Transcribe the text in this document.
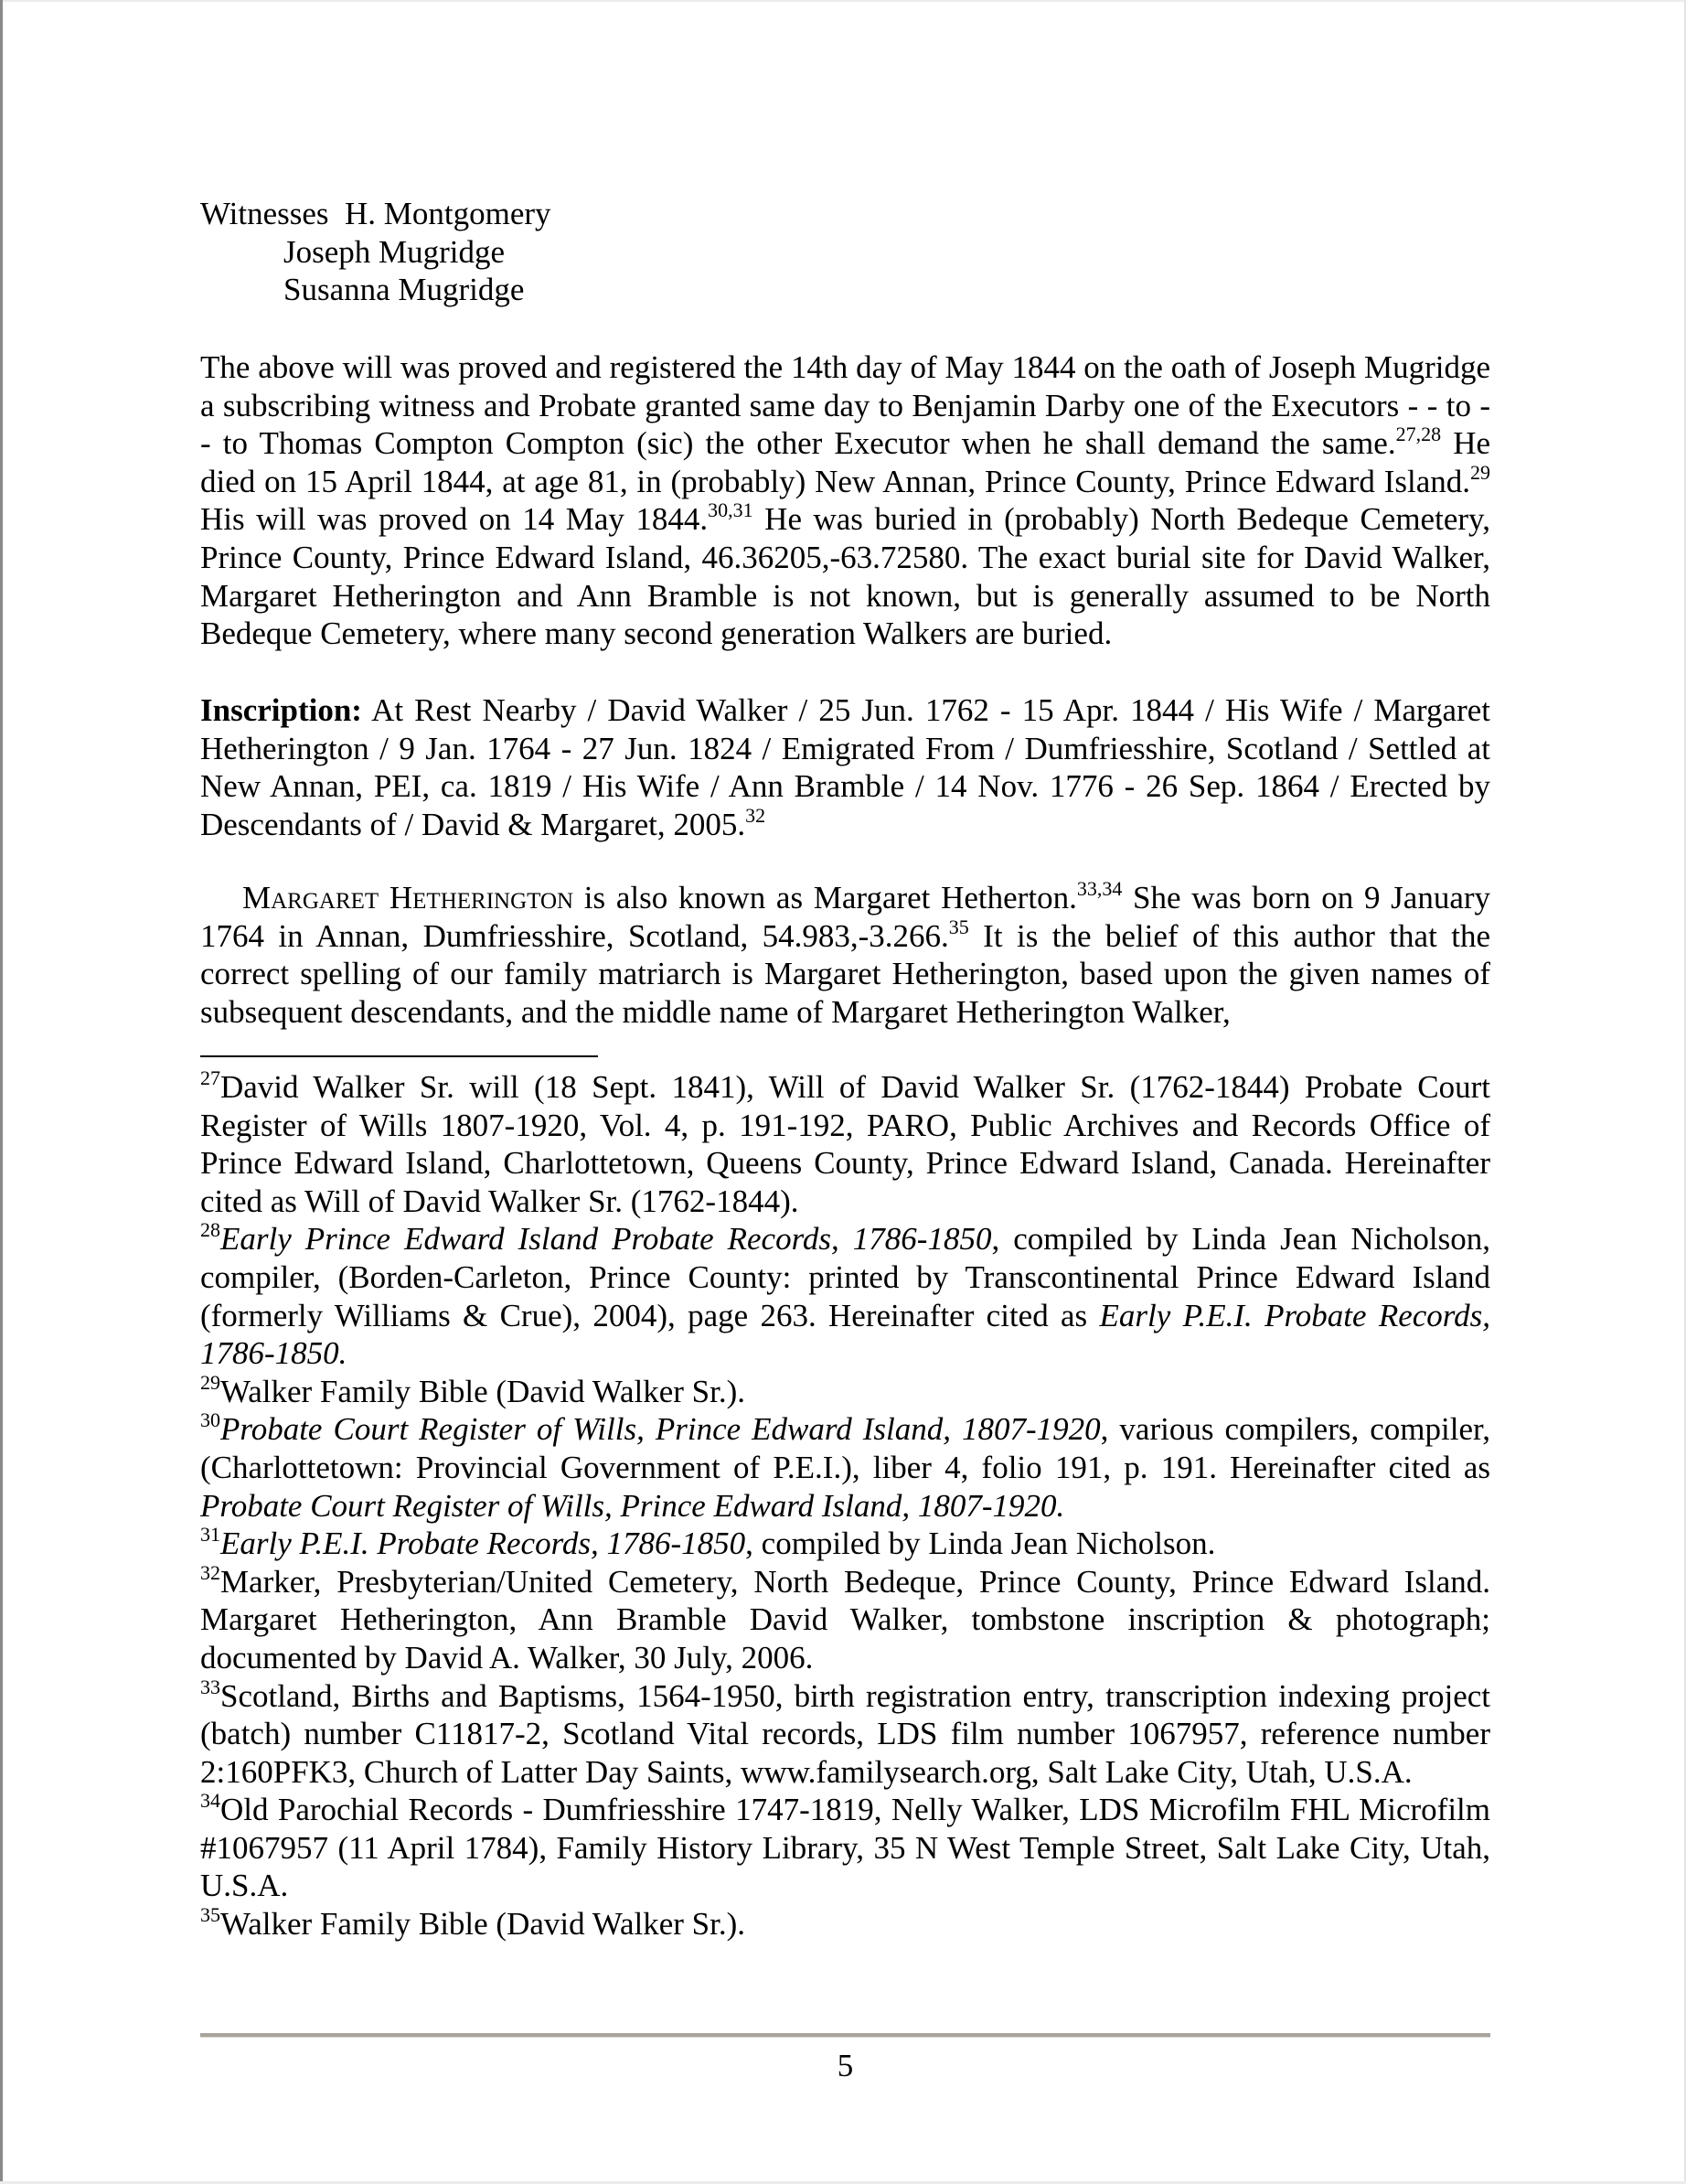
Witnesses  H. Montgomery
Joseph Mugridge
Susanna Mugridge

The above will was proved and registered the 14th day of May 1844 on the oath of Joseph Mugridge a subscribing witness and Probate granted same day to Benjamin Darby one of the Executors - - to - - to Thomas Compton Compton (sic) the other Executor when he shall demand the same.$^{27,28}$ He died on 15 April 1844, at age 81, in (probably) New Annan, Prince County, Prince Edward Island.$^{29}$ His will was proved on 14 May 1844.$^{30,31}$ He was buried in (probably) North Bedeque Cemetery, Prince County, Prince Edward Island, 46.36205,-63.72580. The exact burial site for David Walker, Margaret Hetherington and Ann Bramble is not known, but is generally assumed to be North Bedeque Cemetery, where many second generation Walkers are buried.

Inscription: At Rest Nearby / David Walker / 25 Jun. 1762 - 15 Apr. 1844 / His Wife / Margaret Hetherington / 9 Jan. 1764 - 27 Jun. 1824 / Emigrated From / Dumfriesshire, Scotland / Settled at New Annan, PEI, ca. 1819 / His Wife / Ann Bramble / 14 Nov. 1776 - 26 Sep. 1864 / Erected by Descendants of / David & Margaret, 2005.32

Margaret Hetherington is also known as Margaret Hetherton.$^{33,34}$ She was born on 9 January 1764 in Annan, Dumfriesshire, Scotland, 54.983,-3.266.35 It is the belief of this author that the correct spelling of our family matriarch is Margaret Hetherington, based upon the given names of subsequent descendants, and the middle name of Margaret Hetherington Walker,

$^{27}$David Walker Sr. will (18 Sept. 1841), Will of David Walker Sr. (1762-1844) Probate Court Register of Wills 1807-1920, Vol. 4, p. 191-192, PARO, Public Archives and Records Office of Prince Edward Island, Charlottetown, Queens County, Prince Edward Island, Canada. Hereinafter cited as Will of David Walker Sr. (1762-1844).
$^{28}$Early Prince Edward Island Probate Records, 1786-1850, compiled by Linda Jean Nicholson, compiler, (Borden-Carleton, Prince County: printed by Transcontinental Prince Edward Island (formerly Williams & Crue), 2004), page 263. Hereinafter cited as Early P.E.I. Probate Records, 1786-1850.
$^{29}$Walker Family Bible (David Walker Sr.).
$^{30}$Probate Court Register of Wills, Prince Edward Island, 1807-1920, various compilers, compiler, (Charlottetown: Provincial Government of P.E.I.), liber 4, folio 191, p. 191. Hereinafter cited as Probate Court Register of Wills, Prince Edward Island, 1807-1920.
$^{31}$Early P.E.I. Probate Records, 1786-1850, compiled by Linda Jean Nicholson.
$^{32}$Marker, Presbyterian/United Cemetery, North Bedeque, Prince County, Prince Edward Island. Margaret Hetherington, Ann Bramble David Walker, tombstone inscription & photograph; documented by David A. Walker, 30 July, 2006.
$^{33}$Scotland, Births and Baptisms, 1564-1950, birth registration entry, transcription indexing project (batch) number C11817-2, Scotland Vital records, LDS film number 1067957, reference number 2:160PFK3, Church of Latter Day Saints, www.familysearch.org, Salt Lake City, Utah, U.S.A.
$^{34}$Old Parochial Records - Dumfriesshire 1747-1819, Nelly Walker, LDS Microfilm FHL Microfilm #1067957 (11 April 1784), Family History Library, 35 N West Temple Street, Salt Lake City, Utah, U.S.A.
$^{35}$Walker Family Bible (David Walker Sr.).
5
